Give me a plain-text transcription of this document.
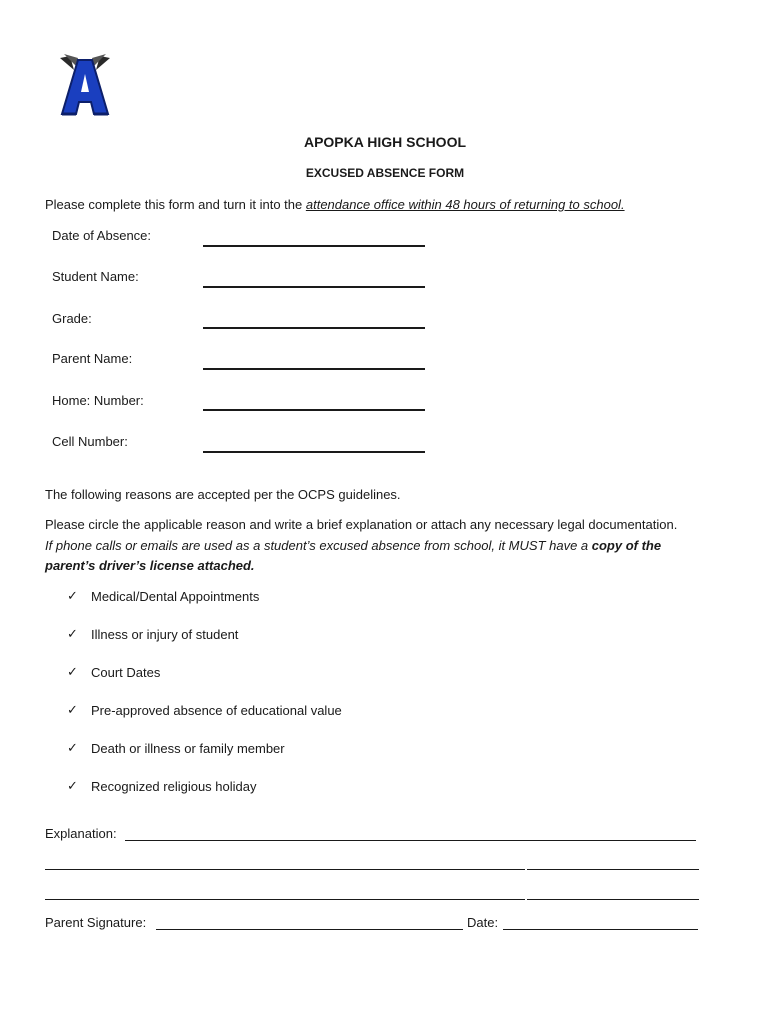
APOPKA HIGH SCHOOL
EXCUSED ABSENCE FORM
Please complete this form and turn it into the attendance office within 48 hours of returning to school.
Date of Absence:
Student Name:
Grade:
Parent Name:
Home: Number:
Cell Number:
The following reasons are accepted per the OCPS guidelines.
Please circle the applicable reason and write a brief explanation or attach any necessary legal documentation.
If phone calls or emails are used as a student’s excused absence from school, it MUST have a copy of the
parent’s driver’s license attached.
✓ Medical/Dental Appointments
✓ Illness or injury of student
✓ Court Dates
✓ Pre-approved absence of educational value
✓ Death or illness or family member
✓ Recognized religious holiday
Explanation:
Parent Signature:	Date:
